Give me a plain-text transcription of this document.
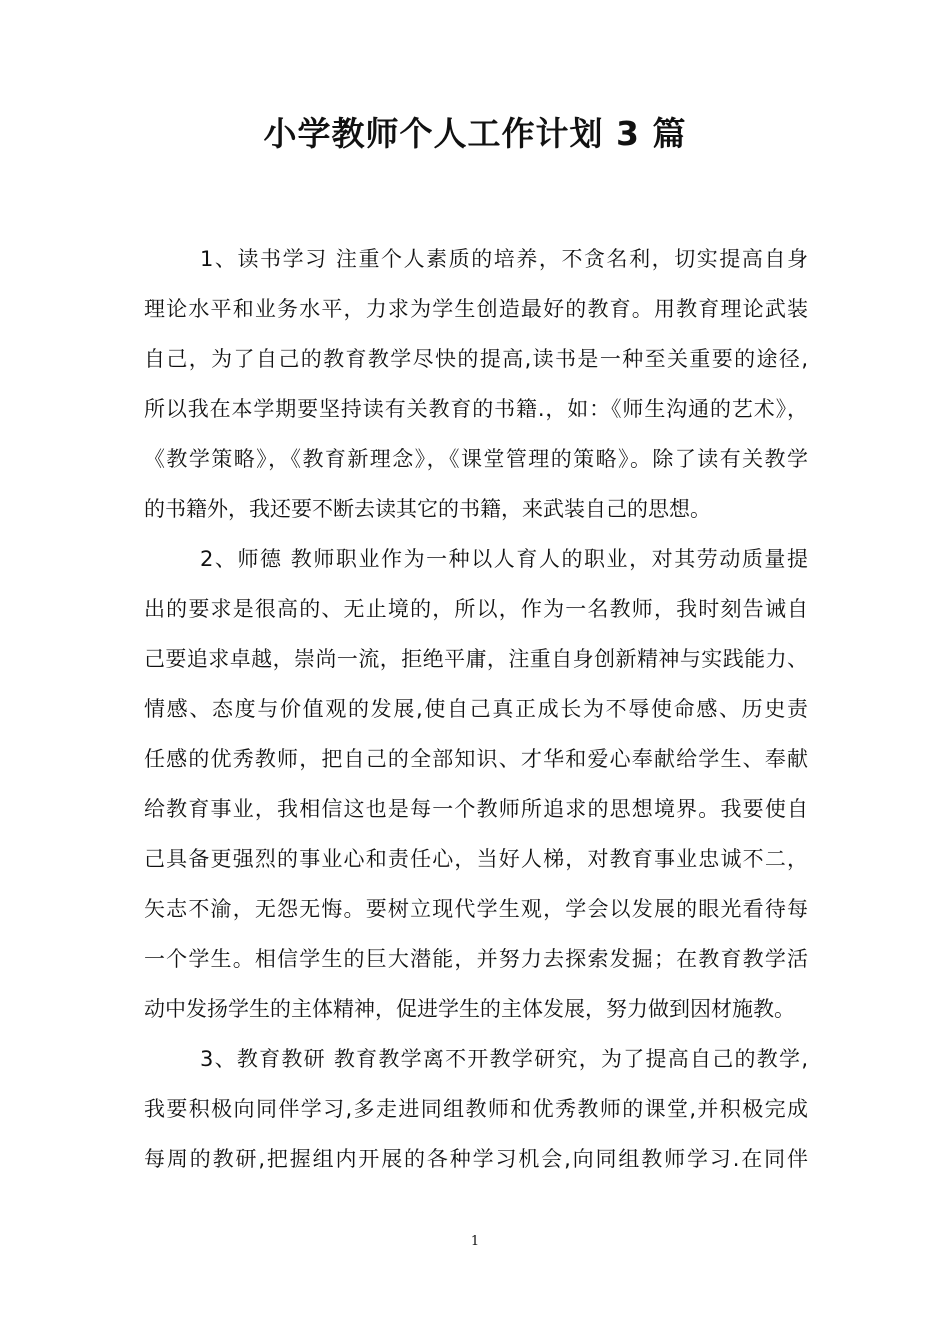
小学教师个人工作计划 3 篇
1、读书学习 注重个人素质的培养，不贪名利，切实提高自身
理论水平和业务水平，力求为学生创造最好的教育。用教育理论武装
自己，为了自己的教育教学尽快的提高,读书是一种至关重要的途径,
所以我在本学期要坚持读有关教育的书籍.，如：《师生沟通的艺术》，
《教学策略》，《教育新理念》，《课堂管理的策略》。除了读有关教学
的书籍外，我还要不断去读其它的书籍，来武装自己的思想。
2、师德 教师职业作为一种以人育人的职业，对其劳动质量提
出的要求是很高的、无止境的，所以，作为一名教师，我时刻告诫自
己要追求卓越，崇尚一流，拒绝平庸，注重自身创新精神与实践能力、
情感、态度与价值观的发展,使自己真正成长为不辱使命感、历史责
任感的优秀教师，把自己的全部知识、才华和爱心奉献给学生、奉献
给教育事业，我相信这也是每一个教师所追求的思想境界。我要使自
己具备更强烈的事业心和责任心，当好人梯，对教育事业忠诚不二，
矢志不渝，无怨无悔。要树立现代学生观，学会以发展的眼光看待每
一个学生。相信学生的巨大潜能，并努力去探索发掘；在教育教学活
动中发扬学生的主体精神，促进学生的主体发展，努力做到因材施教。
3、教育教研 教育教学离不开教学研究，为了提高自己的教学,
我要积极向同伴学习,多走进同组教师和优秀教师的课堂,并积极完成
每周的教研,把握组内开展的各种学习机会,向同组教师学习.在同伴
1
